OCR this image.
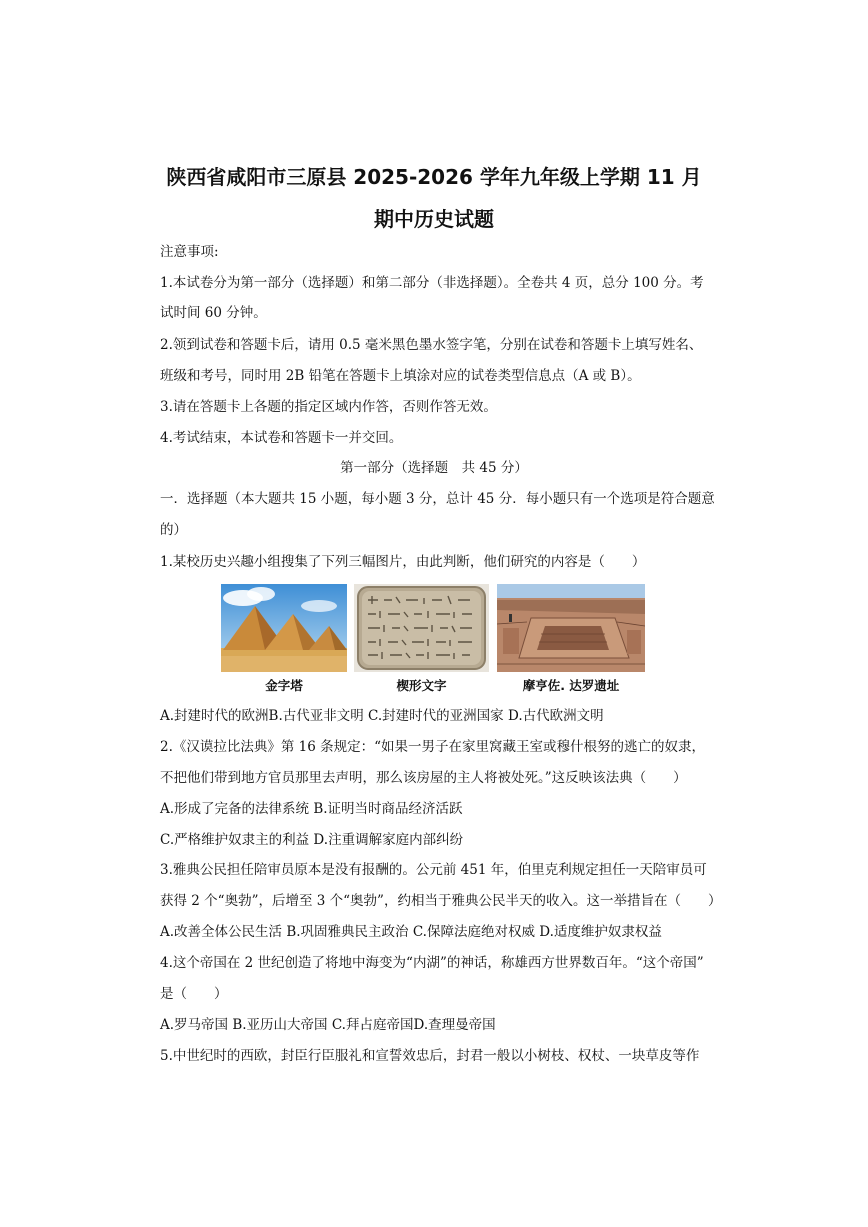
陕西省咸阳市三原县 2025-2026 学年九年级上学期 11 月
期中历史试题
注意事项:
1.本试卷分为第一部分（选择题）和第二部分（非选择题）。全卷共 4 页，总分 100 分。考
试时间 60 分钟。
2.领到试卷和答题卡后，请用 0.5 毫米黑色墨水签字笔，分别在试卷和答题卡上填写姓名、
班级和考号，同时用 2B 铅笔在答题卡上填涂对应的试卷类型信息点（A 或 B）。
3.请在答题卡上各题的指定区域内作答，否则作答无效。
4.考试结束，本试卷和答题卡一并交回。
第一部分（选择题　共 45 分）
一．选择题（本大题共 15 小题，每小题 3 分，总计 45 分．每小题只有一个选项是符合题意
的）
1.某校历史兴趣小组搜集了下列三幅图片，由此判断，他们研究的内容是（　　）
金字塔	楔形文字	摩亨佐. 达罗遗址
A.封建时代的欧洲B.古代亚非文明 C.封建时代的亚洲国家 D.古代欧洲文明
2.《汉谟拉比法典》第 16 条规定：“如果一男子在家里窝藏王室或穆什根努的逃亡的奴隶，
不把他们带到地方官员那里去声明，那么该房屋的主人将被处死。”这反映该法典（　　）
A.形成了完备的法律系统 B.证明当时商品经济活跃
C.严格维护奴隶主的利益 D.注重调解家庭内部纠纷
3.雅典公民担任陪审员原本是没有报酬的。公元前 451 年，伯里克利规定担任一天陪审员可
获得 2 个“奥勃”，后增至 3 个“奥勃”，约相当于雅典公民半天的收入。这一举措旨在（　　）
A.改善全体公民生活 B.巩固雅典民主政治 C.保障法庭绝对权威 D.适度维护奴隶权益
4.这个帝国在 2 世纪创造了将地中海变为“内湖”的神话，称雄西方世界数百年。“这个帝国”
是（　　）
A.罗马帝国 B.亚历山大帝国 C.拜占庭帝国D.查理曼帝国
5.中世纪时的西欧，封臣行臣服礼和宣誓效忠后，封君一般以小树枝、权杖、一块草皮等作
